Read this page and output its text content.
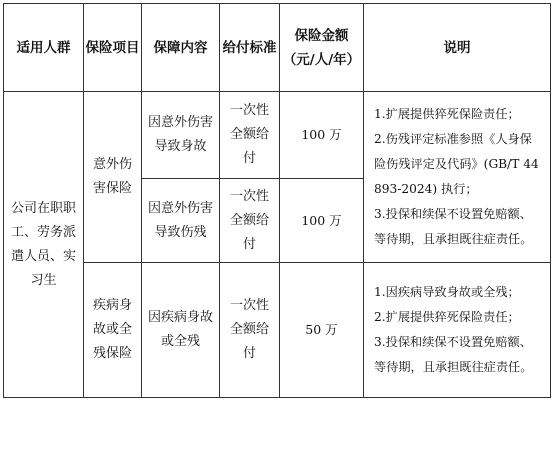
适用人群	保险项目	保障内容	给付标准	保险金额（元/人/年）	说明
公司在职职工、劳务派遣人员、实习生	意外伤害保险	因意外伤害导致身故	一次性全额给付	100 万	1.扩展提供猝死保险责任；
2.伤残评定标准参照《人身保险伤残评定及代码》(GB/T 44893-2024) 执行；
3.投保和续保不设置免赔额、等待期，且承担既往症责任。

		因意外伤害导致伤残	一次性全额给付	100 万	
	疾病身故或全残保险	因疾病身故或全残	一次性全额给付	50 万	1.因疾病导致身故或全残；
2.扩展提供猝死保险责任；
3.投保和续保不设置免赔额、等待期，且承担既往症责任。
